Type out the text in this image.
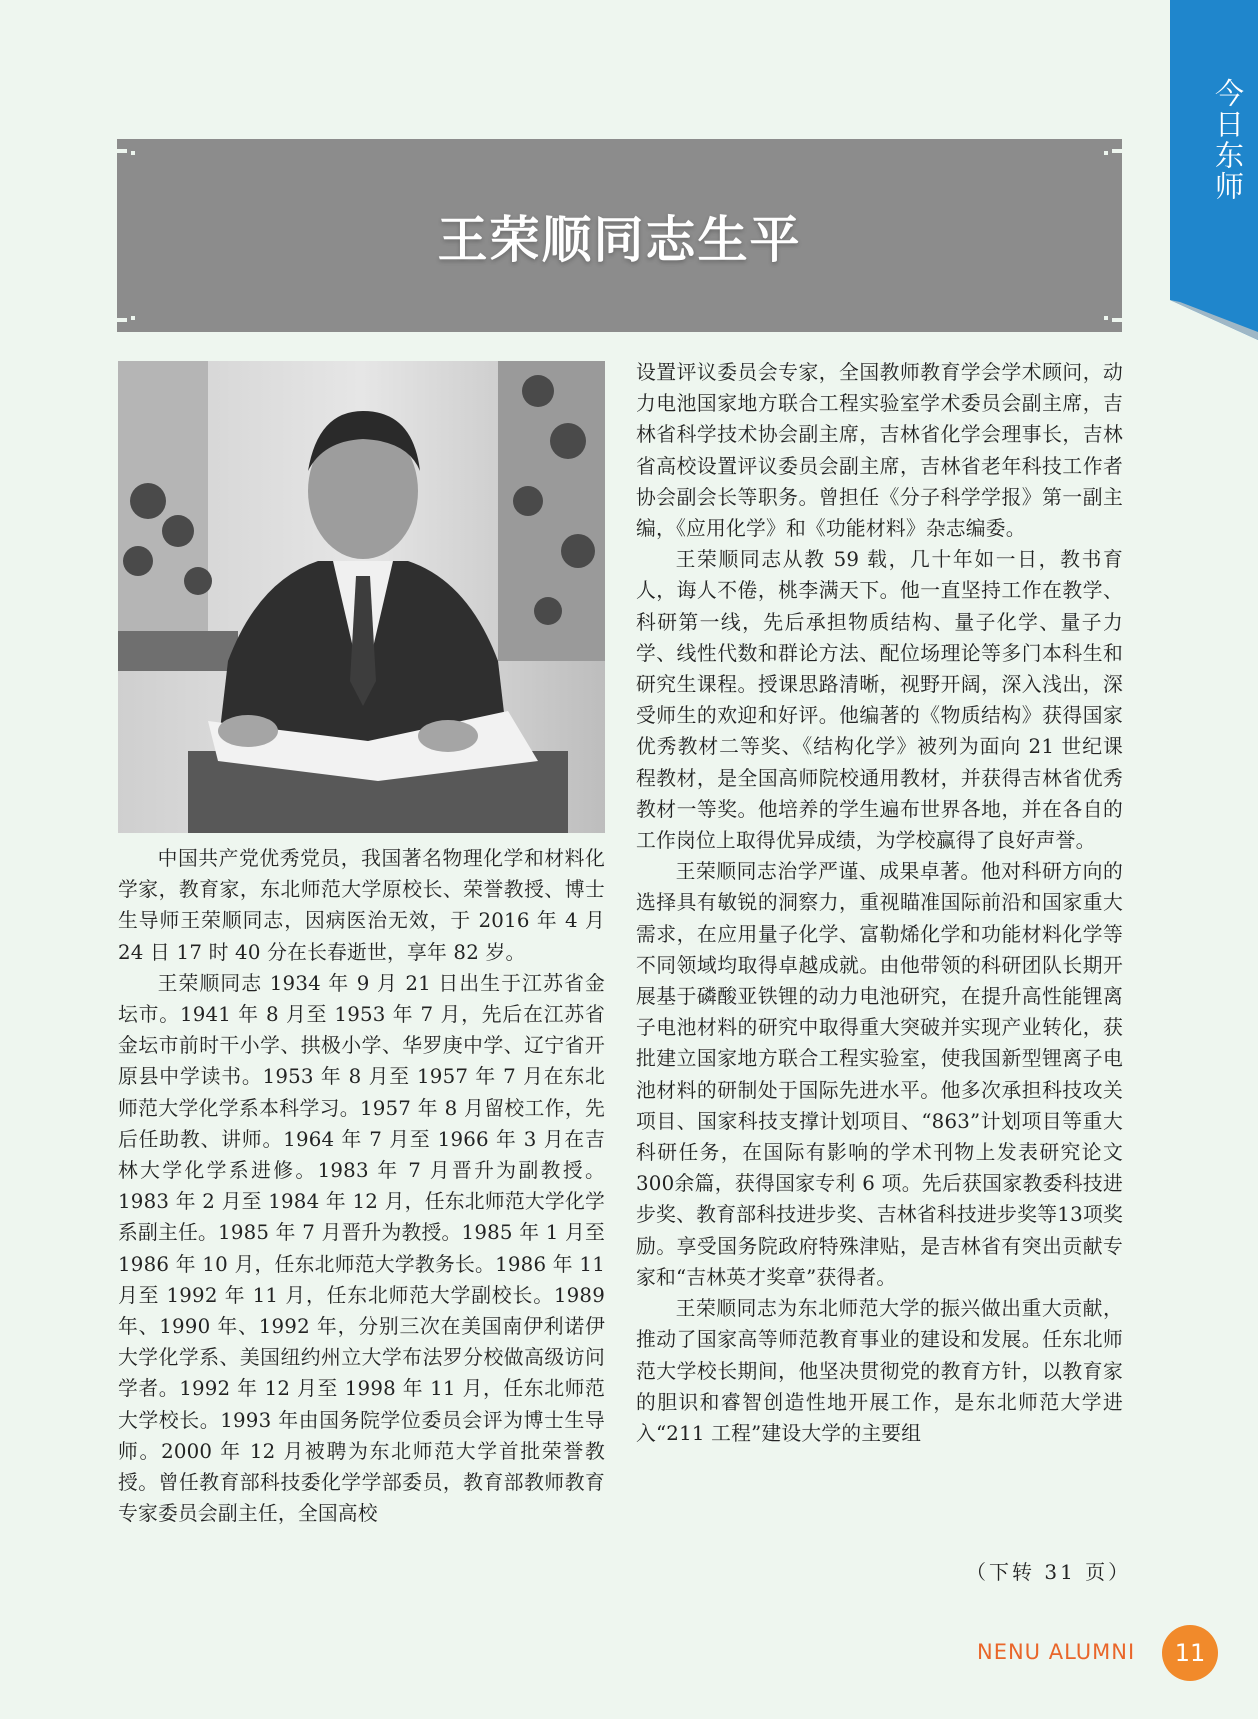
今日东师
王荣顺同志生平

中国共产党优秀党员，我国著名物理化学和材料化学家，教育家，东北师范大学原校长、荣誉教授、博士生导师王荣顺同志，因病医治无效，于 2016 年 4 月 24 日 17 时 40 分在长春逝世，享年 82 岁。

王荣顺同志 1934 年 9 月 21 日出生于江苏省金坛市。1941 年 8 月至 1953 年 7 月，先后在江苏省金坛市前时干小学、拱极小学、华罗庚中学、辽宁省开原县中学读书。1953 年 8 月至 1957 年 7 月在东北师范大学化学系本科学习。1957 年 8 月留校工作，先后任助教、讲师。1964 年 7 月至 1966 年 3 月在吉林大学化学系进修。1983 年 7 月晋升为副教授。1983 年 2 月至 1984 年 12 月，任东北师范大学化学系副主任。1985 年 7 月晋升为教授。1985 年 1 月至 1986 年 10 月，任东北师范大学教务长。1986 年 11 月至 1992 年 11 月，任东北师范大学副校长。1989 年、1990 年、1992 年，分别三次在美国南伊利诺伊大学化学系、美国纽约州立大学布法罗分校做高级访问学者。1992 年 12 月至 1998 年 11 月，任东北师范大学校长。1993 年由国务院学位委员会评为博士生导师。2000 年 12 月被聘为东北师范大学首批荣誉教授。曾任教育部科技委化学学部委员，教育部教师教育专家委员会副主任，全国高校

设置评议委员会专家，全国教师教育学会学术顾问，动力电池国家地方联合工程实验室学术委员会副主席，吉林省科学技术协会副主席，吉林省化学会理事长，吉林省高校设置评议委员会副主席，吉林省老年科技工作者协会副会长等职务。曾担任《分子科学学报》第一副主编，《应用化学》和《功能材料》杂志编委。

王荣顺同志从教 59 载，几十年如一日，教书育人，诲人不倦，桃李满天下。他一直坚持工作在教学、科研第一线，先后承担物质结构、量子化学、量子力学、线性代数和群论方法、配位场理论等多门本科生和研究生课程。授课思路清晰，视野开阔，深入浅出，深受师生的欢迎和好评。他编著的《物质结构》获得国家优秀教材二等奖、《结构化学》被列为面向 21 世纪课程教材，是全国高师院校通用教材，并获得吉林省优秀教材一等奖。他培养的学生遍布世界各地，并在各自的工作岗位上取得优异成绩，为学校赢得了良好声誉。

王荣顺同志治学严谨、成果卓著。他对科研方向的选择具有敏锐的洞察力，重视瞄准国际前沿和国家重大需求，在应用量子化学、富勒烯化学和功能材料化学等不同领域均取得卓越成就。由他带领的科研团队长期开展基于磷酸亚铁锂的动力电池研究，在提升高性能锂离子电池材料的研究中取得重大突破并实现产业转化，获批建立国家地方联合工程实验室，使我国新型锂离子电池材料的研制处于国际先进水平。他多次承担科技攻关项目、国家科技支撑计划项目、“863”计划项目等重大科研任务，在国际有影响的学术刊物上发表研究论文300余篇，获得国家专利 6 项。先后获国家教委科技进步奖、教育部科技进步奖、吉林省科技进步奖等13项奖励。享受国务院政府特殊津贴，是吉林省有突出贡献专家和“吉林英才奖章”获得者。

王荣顺同志为东北师范大学的振兴做出重大贡献，推动了国家高等师范教育事业的建设和发展。任东北师范大学校长期间，他坚决贯彻党的教育方针，以教育家的胆识和睿智创造性地开展工作，是东北师范大学进入“211 工程”建设大学的主要组

（下转 31 页）
NENU ALUMNI	11
